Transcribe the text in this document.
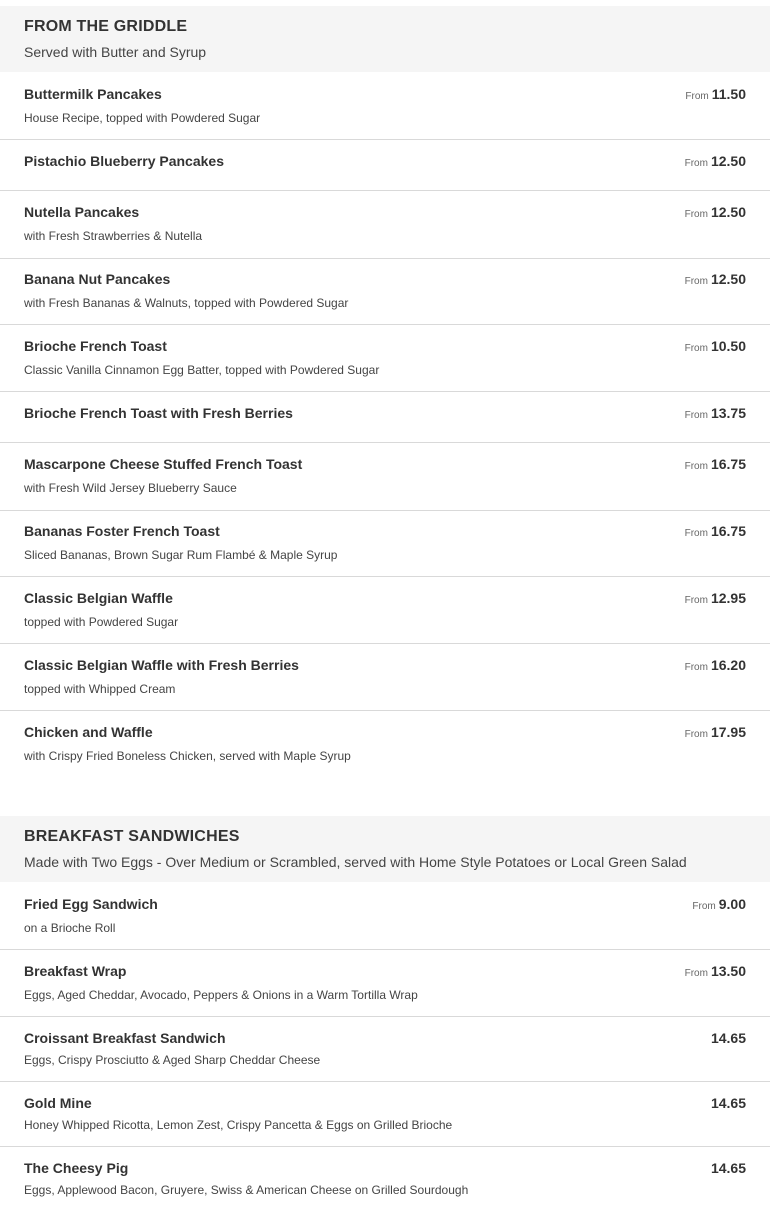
FROM THE GRIDDLE
Served with Butter and Syrup
Buttermilk Pancakes
House Recipe, topped with Powdered Sugar
From 11.50
Pistachio Blueberry Pancakes	From 12.50
Nutella Pancakes
with Fresh Strawberries & Nutella
From 12.50
Banana Nut Pancakes
with Fresh Bananas & Walnuts, topped with Powdered Sugar
From 12.50
Brioche French Toast
Classic Vanilla Cinnamon Egg Batter, topped with Powdered Sugar
From 10.50
Brioche French Toast with Fresh Berries	From 13.75
Mascarpone Cheese Stuffed French Toast
with Fresh Wild Jersey Blueberry Sauce
From 16.75
Bananas Foster French Toast
Sliced Bananas, Brown Sugar Rum Flambé & Maple Syrup
From 16.75
Classic Belgian Waffle
topped with Powdered Sugar
From 12.95
Classic Belgian Waffle with Fresh Berries
topped with Whipped Cream
From 16.20
Chicken and Waffle
with Crispy Fried Boneless Chicken, served with Maple Syrup
From 17.95
BREAKFAST SANDWICHES
Made with Two Eggs - Over Medium or Scrambled, served with Home Style Potatoes or Local Green Salad
Fried Egg Sandwich
on a Brioche Roll
From 9.00
Breakfast Wrap
Eggs, Aged Cheddar, Avocado, Peppers & Onions in a Warm Tortilla Wrap
From 13.50
Croissant Breakfast Sandwich
Eggs, Crispy Prosciutto & Aged Sharp Cheddar Cheese
14.65
Gold Mine
Honey Whipped Ricotta, Lemon Zest, Crispy Pancetta & Eggs on Grilled Brioche
14.65
The Cheesy Pig
Eggs, Applewood Bacon, Gruyere, Swiss & American Cheese on Grilled Sourdough
14.65
